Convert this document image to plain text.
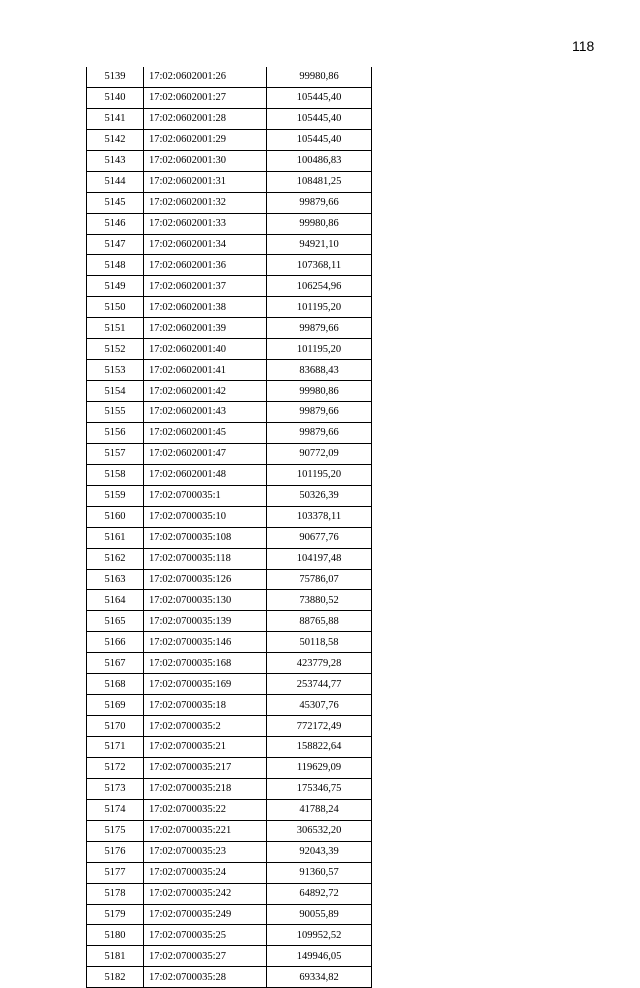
118
5139	17:02:0602001:26	99980,86
5140	17:02:0602001:27	105445,40
5141	17:02:0602001:28	105445,40
5142	17:02:0602001:29	105445,40
5143	17:02:0602001:30	100486,83
5144	17:02:0602001:31	108481,25
5145	17:02:0602001:32	99879,66
5146	17:02:0602001:33	99980,86
5147	17:02:0602001:34	94921,10
5148	17:02:0602001:36	107368,11
5149	17:02:0602001:37	106254,96
5150	17:02:0602001:38	101195,20
5151	17:02:0602001:39	99879,66
5152	17:02:0602001:40	101195,20
5153	17:02:0602001:41	83688,43
5154	17:02:0602001:42	99980,86
5155	17:02:0602001:43	99879,66
5156	17:02:0602001:45	99879,66
5157	17:02:0602001:47	90772,09
5158	17:02:0602001:48	101195,20
5159	17:02:0700035:1	50326,39
5160	17:02:0700035:10	103378,11
5161	17:02:0700035:108	90677,76
5162	17:02:0700035:118	104197,48
5163	17:02:0700035:126	75786,07
5164	17:02:0700035:130	73880,52
5165	17:02:0700035:139	88765,88
5166	17:02:0700035:146	50118,58
5167	17:02:0700035:168	423779,28
5168	17:02:0700035:169	253744,77
5169	17:02:0700035:18	45307,76
5170	17:02:0700035:2	772172,49
5171	17:02:0700035:21	158822,64
5172	17:02:0700035:217	119629,09
5173	17:02:0700035:218	175346,75
5174	17:02:0700035:22	41788,24
5175	17:02:0700035:221	306532,20
5176	17:02:0700035:23	92043,39
5177	17:02:0700035:24	91360,57
5178	17:02:0700035:242	64892,72
5179	17:02:0700035:249	90055,89
5180	17:02:0700035:25	109952,52
5181	17:02:0700035:27	149946,05
5182	17:02:0700035:28	69334,82
